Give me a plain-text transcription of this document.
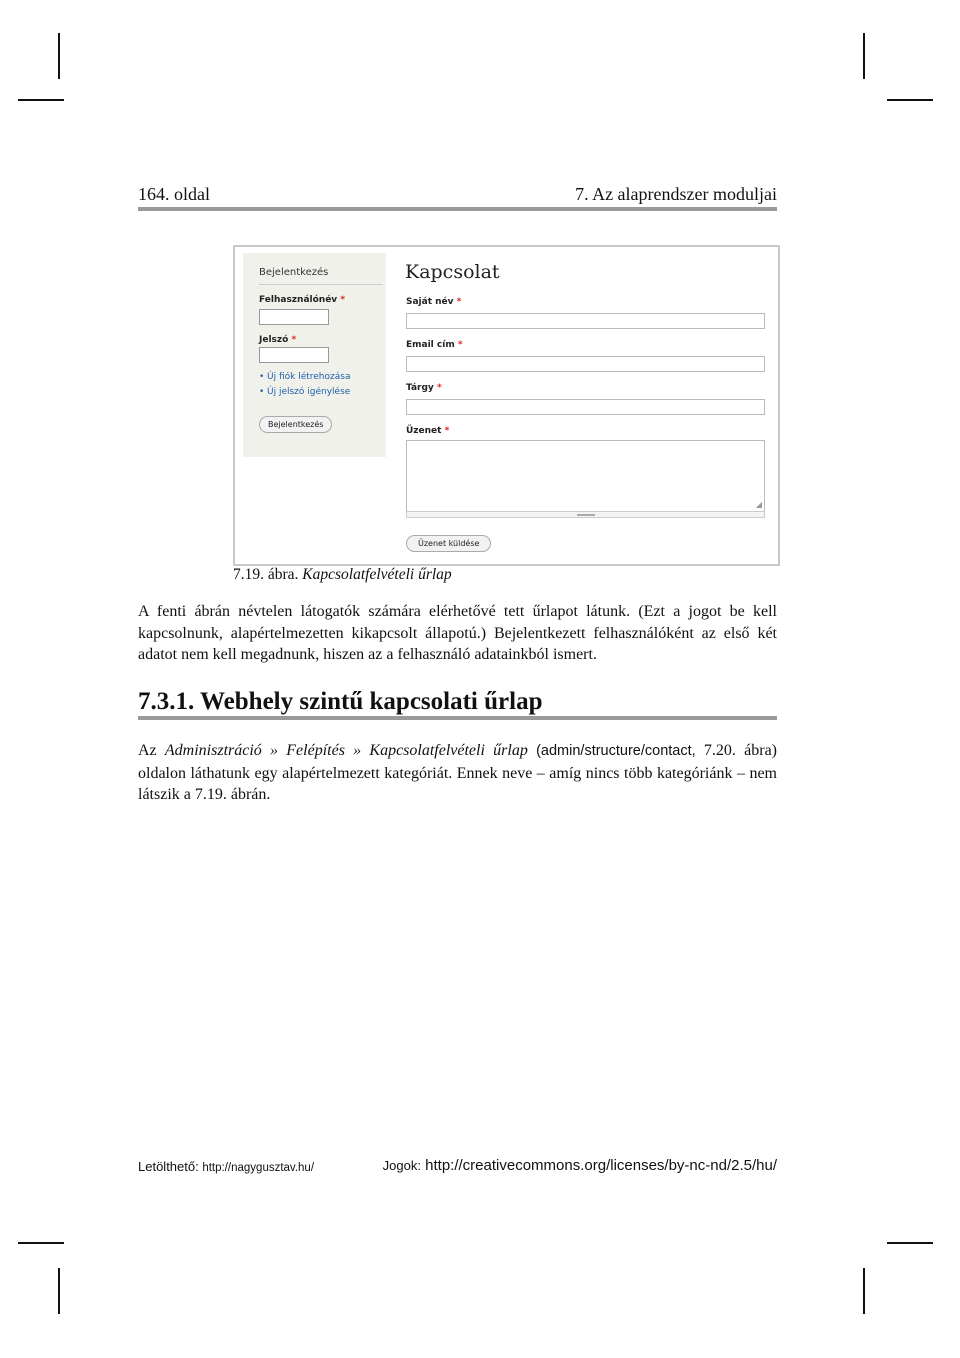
164. oldal	7. Az alaprendszer moduljai
Bejelentkezés
Felhasználónév *
Jelszó *
• Új fiók létrehozása
• Új jelszó igénylése
Bejelentkezés
Kapcsolat
Saját név *
Email cím *
Tárgy *
Üzenet *
◢
Üzenet küldése
7.19. ábra. Kapcsolatfelvételi űrlap
A fenti ábrán névtelen látogatók számára elérhetővé tett űrlapot látunk. (Ezt a jogot be kell kapcsolnunk, alapértelmezetten kikapcsolt állapotú.) Bejelentkezett felhasználóként az első két adatot nem kell megadnunk, hiszen az a felhasználó adatainkból ismert.
7.3.1. Webhely szintű kapcsolati űrlap
Az Adminisztráció » Felépítés » Kapcsolatfelvételi űrlap (admin/structure/contact, 7.20. ábra) oldalon láthatunk egy alapértelmezett kategóriát. Ennek neve – amíg nincs több kategóriánk – nem látszik a 7.19. ábrán.
Letölthető: http://nagygusztav.hu/	Jogok: http://creativecommons.org/licenses/by-nc-nd/2.5/hu/
